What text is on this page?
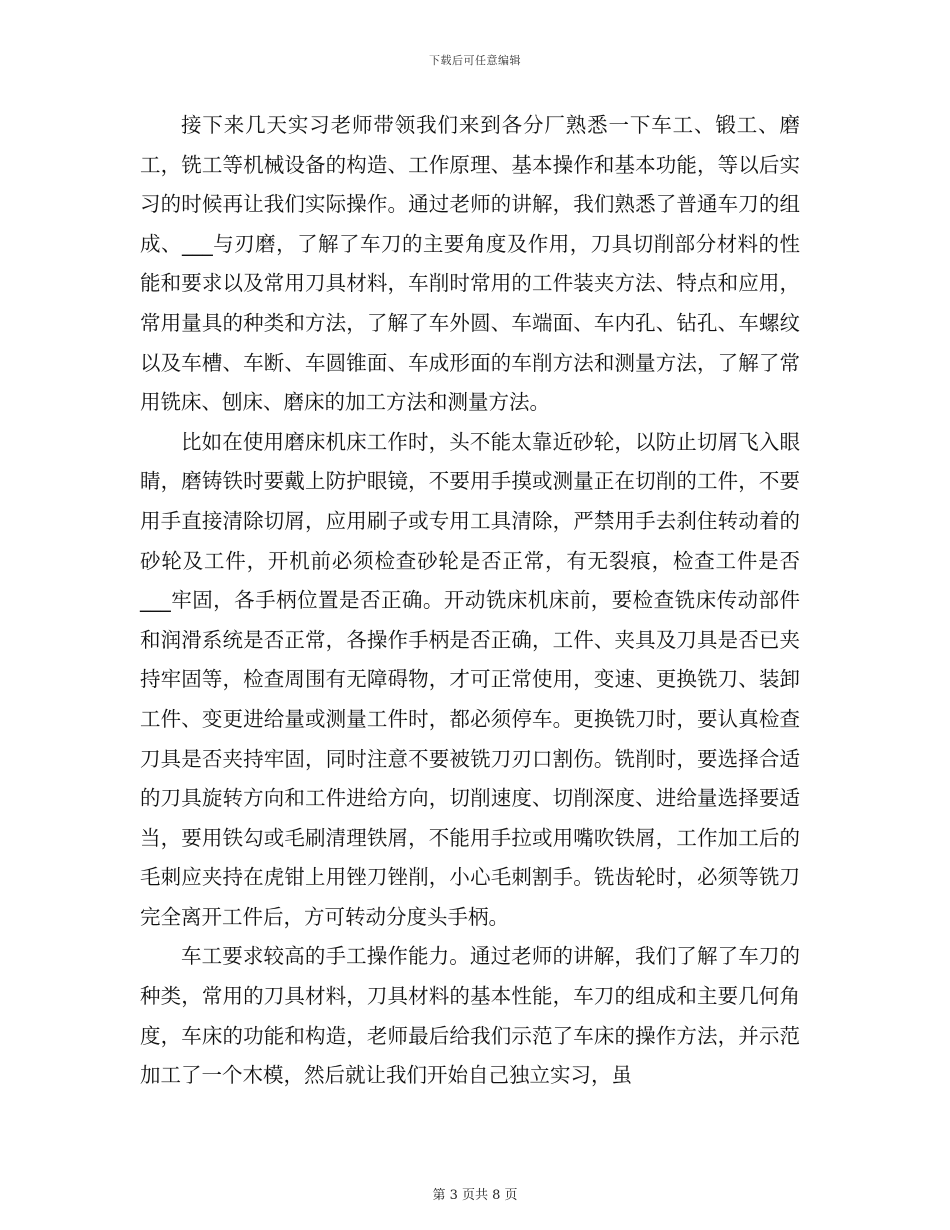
下载后可任意编辑

接下来几天实习老师带领我们来到各分厂熟悉一下车工、锻工、磨工，铣工等机械设备的构造、工作原理、基本操作和基本功能，等以后实习的时候再让我们实际操作。通过老师的讲解，我们熟悉了普通车刀的组成、___与刃磨，了解了车刀的主要角度及作用，刀具切削部分材料的性能和要求以及常用刀具材料，车削时常用的工件装夹方法、特点和应用，常用量具的种类和方法，了解了车外圆、车端面、车内孔、钻孔、车螺纹以及车槽、车断、车圆锥面、车成形面的车削方法和测量方法，了解了常用铣床、刨床、磨床的加工方法和测量方法。

比如在使用磨床机床工作时，头不能太靠近砂轮，以防止切屑飞入眼睛，磨铸铁时要戴上防护眼镜，不要用手摸或测量正在切削的工件，不要用手直接清除切屑，应用刷子或专用工具清除，严禁用手去刹住转动着的砂轮及工件，开机前必须检查砂轮是否正常，有无裂痕，检查工件是否___牢固，各手柄位置是否正确。开动铣床机床前，要检查铣床传动部件和润滑系统是否正常，各操作手柄是否正确，工件、夹具及刀具是否已夹持牢固等，检查周围有无障碍物，才可正常使用，变速、更换铣刀、装卸工件、变更进给量或测量工件时，都必须停车。更换铣刀时，要认真检查刀具是否夹持牢固，同时注意不要被铣刀刃口割伤。铣削时，要选择合适的刀具旋转方向和工件进给方向，切削速度、切削深度、进给量选择要适当，要用铁勾或毛刷清理铁屑，不能用手拉或用嘴吹铁屑，工作加工后的毛刺应夹持在虎钳上用锉刀锉削，小心毛刺割手。铣齿轮时，必须等铣刀完全离开工件后，方可转动分度头手柄。

车工要求较高的手工操作能力。通过老师的讲解，我们了解了车刀的种类，常用的刀具材料，刀具材料的基本性能，车刀的组成和主要几何角度，车床的功能和构造，老师最后给我们示范了车床的操作方法，并示范加工了一个木模，然后就让我们开始自己独立实习，虽

第 3 页共 8 页
